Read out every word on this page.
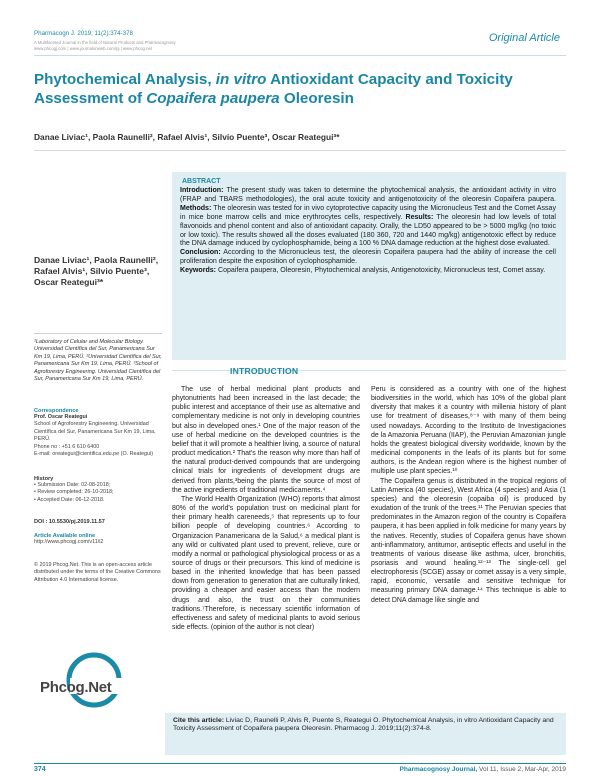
Pharmacogn J. 2019; 11(2):374-378
A Multifaceted Journal in the field of Natural Products and Pharmacognosy
www.phcogj.com | www.journalonweb.com/pj | www.phcog.net
Original Article
Phytochemical Analysis, in vitro Antioxidant Capacity and Toxicity Assessment of Copaifera paupera Oleoresin
Danae Liviac¹, Paola Raunelli², Rafael Alvis¹, Silvio Puente³, Oscar Reategui³*
ABSTRACT
Introduction: The present study was taken to determine the phytochemical analysis, the antioxidant activity in vitro (FRAP and TBARS methodologies), the oral acute toxicity and antigenotoxicity of the oleoresin Copaifera paupera. Methods: The oleoresin was tested for in vivo cytoprotective capacity using the Micronucleus Test and the Comet Assay in mice bone marrow cells and mice erythrocytes cells, respectively. Results: The oleoresin had low levels of total flavonoids and phenol content and also of antioxidant capacity. Orally, the LD50 appeared to be > 5000 mg/kg (no toxic or low toxic). The results showed all the doses evaluated (180 360, 720 and 1440 mg/kg) antigenotoxic effect by reduce the DNA damage induced by cyclophosphamide, being a 100 % DNA damage reduction at the highest dose evaluated.
Conclusion: According to the Micronucleus test, the oleoresin Copaifera paupera had the ability of increase the cell proliferation despite the exposition of cyclophosphamide.
Keywords: Copaifera paupera, Oleoresin, Phytochemical analysis, Antigenotoxicity, Micronucleus test, Comet assay.
Danae Liviac¹, Paola Raunelli², Rafael Alvis¹, Silvio Puente³, Oscar Reategui³*
¹Laboratory of Celular and Molecular Biology. Universidad Científica del Sur, Panamericana Sur Km 19, Lima, PERÚ. ²Universidad Científica del Sur, Panamericana Sur Km 19, Lima, PERÚ. ³School of Agroforestry Engineering. Universidad Científica del Sur, Panamericana Sur Km 19, Lima, PERÚ.
Correspondence
Prof. Oscar Reategui
School of Agroforestry Engineering. Universidad Científica del Sur, Panamericana Sur Km 19, Lima, PERÚ.
Phone no : +51 6 610 6400
E-mail: oreategui@cientifica.edu.pe (O. Reategui)
History
• Submission Date: 02-08-2018;
• Review completed: 26-10-2018;
• Accepted Date: 06-12-2018.
DOI : 10.5530/pj.2019.11.57
Article Available online
http://www.phcogj.com/v11/i2
© 2019 Phcog.Net. This is an open-access article distributed under the terms of the Creative Commons Attribution 4.0 International license.
Phcog.Net
INTRODUCTION

The use of herbal medicinal plant products and phytonutrients had been increased in the last decade; the public interest and acceptance of their use as alternative and complementary medicine is not only in developing countries but also in developed ones.¹ One of the major reason of the use of herbal medicine on the developed countries is the belief that it will promote a healthier living, a source of natural product medication.² That's the reason why more than half of the natural product-derived compounds that are undergoing clinical trials for ingredients of development drugs are derived from plants,³being the plants the source of most of the active ingredients of traditional medicaments.⁴

The World Health Organization (WHO) reports that almost 80% of the world's population trust on medicinal plant for their primary health careneeds,⁵ that represents up to four billion people of developing countries.⁶ According to Organizacion Panamericana de la Salud,⁶ a medical plant is any wild or cultivated plant used to prevent, relieve, cure or modify a normal or pathological physiological process or as a source of drugs or their precursors. This kind of medicine is based in the inherited knowledge that has been passed down from generation to generation that are culturally linked, providing a cheaper and easier access than the modern drugs and also, the trust on their communities traditions.⁷Therefore, is necessary scientific information of effectiveness and safety of medicinal plants to avoid serious side effects. (opinion of the author is not clear)

Peru is considered as a country with one of the highest biodiversities in the world, which has 10% of the global plant diversity that makes it a country with millenia history of plant use for treatment of diseases,⁸⁻⁹ with many of them being used nowadays. According to the Instituto de Investigaciones de la Amazonia Peruana (IIAP), the Peruvian Amazonian jungle holds the greatest biological diversity worldwide, known by the medicinal components in the leafs of its plants but for some authors, is the Andean region where is the highest number of multiple use plant species.¹⁰

The Copaifera genus is distributed in the tropical regions of Latin America (40 species), West Africa (4 species) and Asia (1 species) and the oleoresin (copaiba oil) is produced by exudation of the trunk of the trees.¹¹ The Peruvian species that predominates in the Amazon region of the country is Copaifera paupera, it has been applied in folk medicine for many years by the natives. Recently, studies of Copaifera genus have shown anti-inflammatory, antitumor, antiseptic effects and useful in the treatments of various disease like asthma, ulcer, bronchitis, psoriasis and wound healing.¹²⁻¹³ The single-cell gel electrophoresis (SCGE) assay or comet assay is a very simple, rapid, economic, versatile and sensitive technique for measuring primary DNA damage.¹⁴ This technique is able to detect DNA damage like single and

Cite this article: Liviac D, Raunelli P, Alvis R, Puente S, Reategui O. Phytochemical Analysis, in vitro Antioxidant Capacity and Toxicity Assessment of Copaifera paupera Oleoresin. Pharmacog J. 2019;11(2):374-8.
374	Pharmacognosy Journal, Vol 11, Issue 2, Mar-Apr, 2019
